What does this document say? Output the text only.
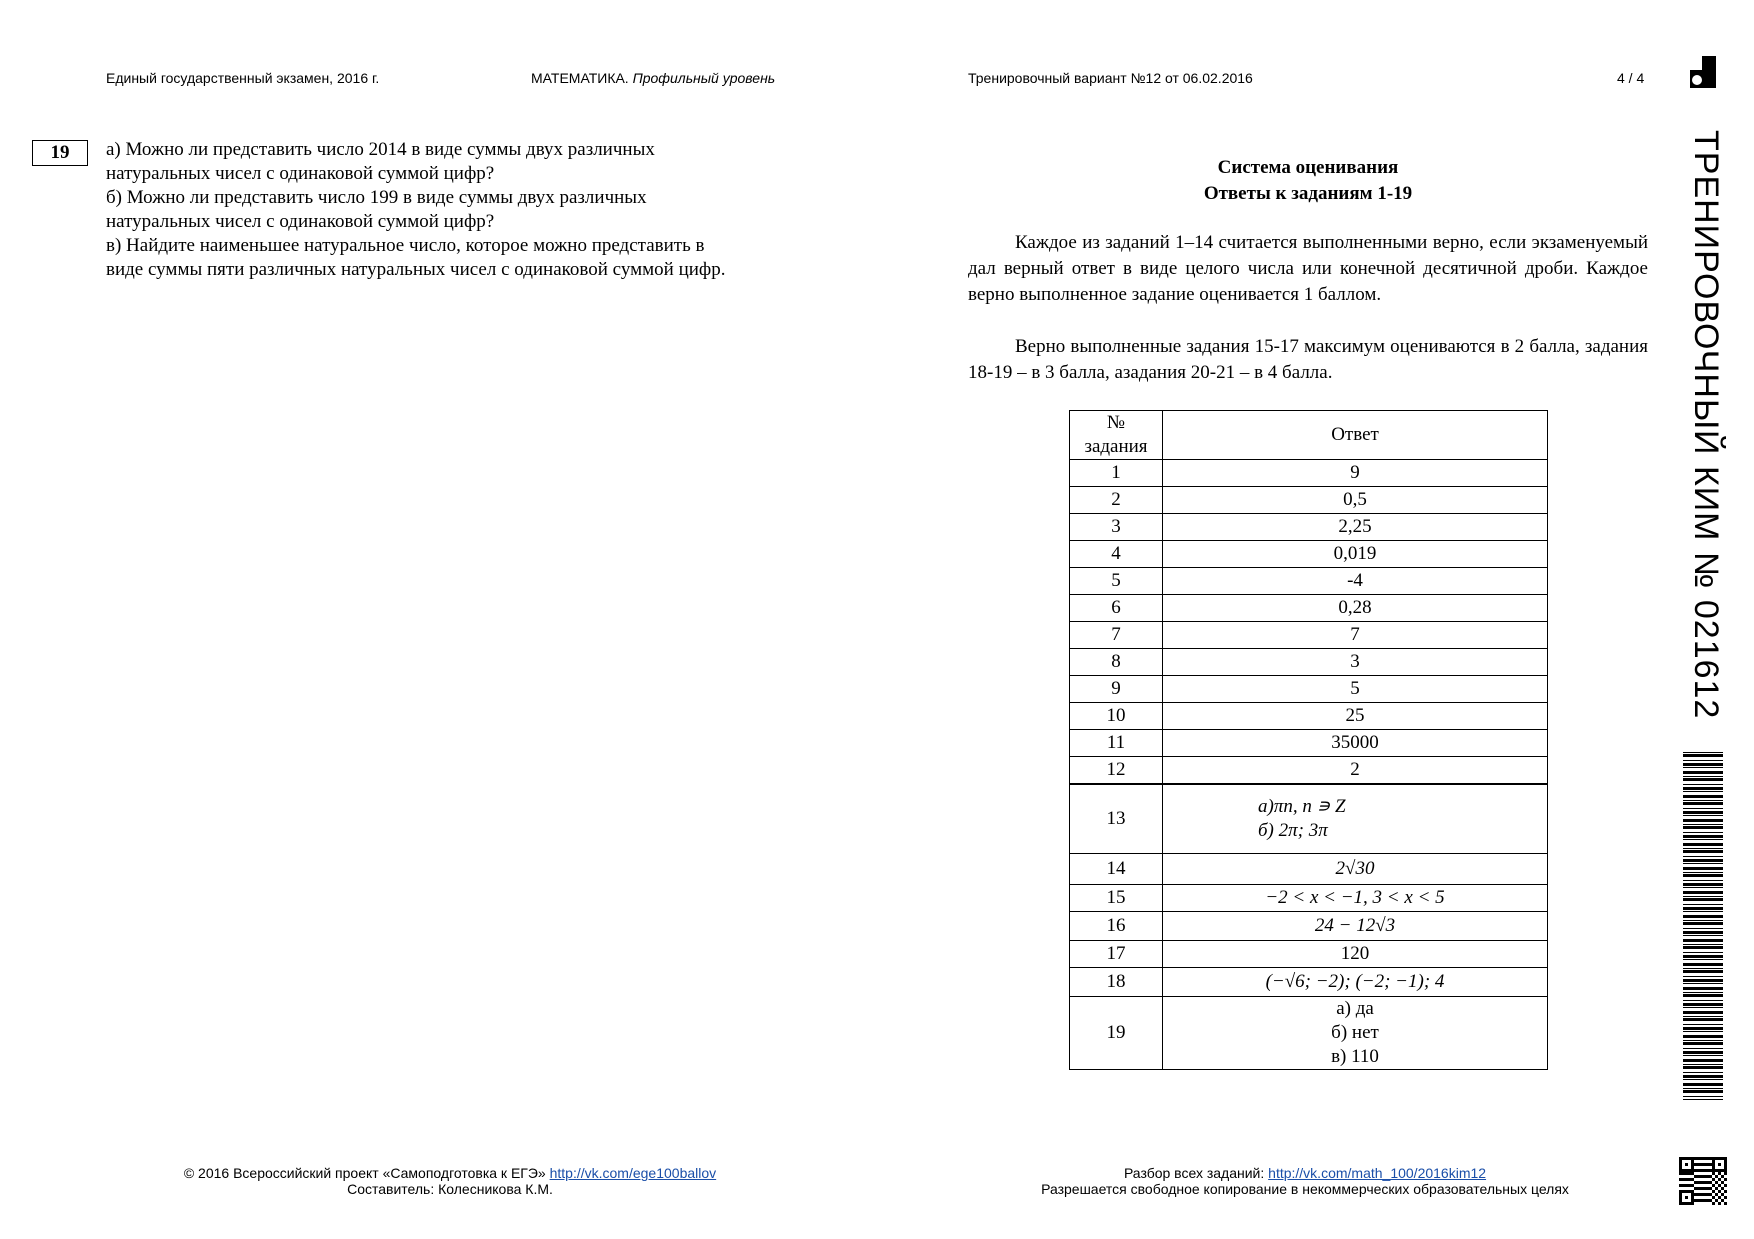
Единый государственный экзамен, 2016 г.	МАТЕМАТИКА. Профильный уровень	Тренировочный вариант №12 от 06.02.2016	4 / 4
19	а) Можно ли представить число 2014 в виде суммы двух различных
натуральных чисел с одинаковой суммой цифр?
б) Можно ли представить число 199 в виде суммы двух различных
натуральных чисел с одинаковой суммой цифр?
в) Найдите наименьшее натуральное число, которое можно представить в
виде суммы пяти различных натуральных чисел с одинаковой суммой цифр.
Система оценивания
Ответы к заданиям 1-19

Каждое из заданий 1–14 считается выполненными верно, если экзаменуемый дал верный ответ в виде целого числа или конечной десятичной дроби. Каждое верно выполненное задание оценивается 1 баллом.

Верно выполненные задания 15-17 максимум оцениваются в 2 балла, задания 18-19 – в 3 балла, азадания 20-21 – в 4 балла.

№
задания	Ответ
1	9
2	0,5
3	2,25
4	0,019
5	-4
6	0,28
7	7
8	3
9	5
10	25
11	35000
12	2
13	а)πn, n ∍ Z
б) 2π; 3π

14	2√30
15	−2 < x < −1, 3 < x < 5
16	24 − 12√3
17	120
18	(−√6; −2); (−2; −1); 4
19	а) да
б) нет
в) 110
ТРЕНИРОВОЧНЫЙ КИМ № 021612
© 2016 Всероссийский проект «Самоподготовка к ЕГЭ» http://vk.com/ege100ballov
Составитель: Колесникова К.М.
Разбор всех заданий: http://vk.com/math_100/2016kim12
Разрешается свободное копирование в некоммерческих образовательных целях
